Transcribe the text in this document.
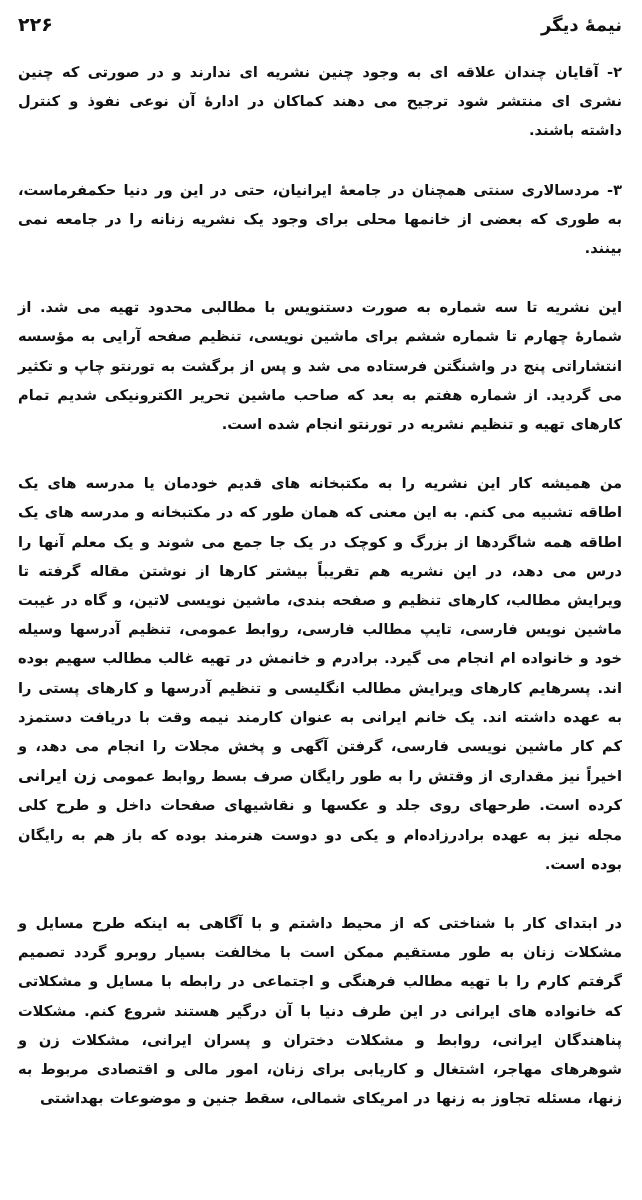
نیمهٔ دیگر
۲۲۶

۲- آقایان چندان علاقه ای به وجود چنین نشریه ای ندارند و در صورتی که چنین نشری ای منتشر شود ترجیح می دهند کماکان در ادارهٔ آن نوعی نفوذ و کنترل داشته باشند.

۳- مردسالاری سنتی همچنان در جامعهٔ ایرانیان، حتی در این ور دنیا حکمفرماست، به طوری که بعضی از خانمها محلی برای وجود یک نشریه زنانه را در جامعه نمی بینند.

این نشریه تا سه شماره به صورت دستنویس با مطالبی محدود تهیه می شد. از شمارهٔ چهارم تا شماره ششم برای ماشین نویسی، تنظیم صفحه آرایی به مؤسسه انتشاراتی پنج در واشنگتن فرستاده می شد و پس از برگشت به تورنتو چاپ و تکثیر می گردید. از شماره هفتم به بعد که صاحب ماشین تحریر الکترونیکی شدیم تمام کارهای تهیه و تنظیم نشریه در تورنتو انجام شده است.

من همیشه کار این نشریه را به مکتبخانه های قدیم خودمان یا مدرسه های یک اطاقه تشبیه می کنم. به این معنی که همان طور که در مکتبخانه و مدرسه های یک اطاقه همه شاگردها از بزرگ و کوچک در یک جا جمع می شوند و یک معلم آنها را درس می دهد، در این نشریه هم تقریباً بیشتر کارها از نوشتن مقاله گرفته تا ویرایش مطالب، کارهای تنظیم و صفحه بندی، ماشین نویسی لاتین، و گاه در غیبت ماشین نویس فارسی، تایپ مطالب فارسی، روابط عمومی، تنظیم آدرسها وسیله خود و خانواده ام انجام می گیرد. برادرم و خانمش در تهیه غالب مطالب سهیم بوده اند. پسرهایم کارهای ویرایش مطالب انگلیسی و تنظیم آدرسها و کارهای پستی را به عهده داشته اند. یک خانم ایرانی به عنوان کارمند نیمه وقت با دریافت دستمزد کم کار ماشین نویسی فارسی، گرفتن آگهی و پخش مجلات را انجام می دهد، و اخیراً نیز مقداری از وقتش را به طور رایگان صرف بسط روابط عمومی زن ایرانی کرده است. طرحهای روی جلد و عکسها و نقاشیهای صفحات داخل و طرح کلی مجله نیز به عهده برادرزاده‌ام و یکی دو دوست هنرمند بوده که باز هم به رایگان بوده است.

در ابتدای کار با شناختی که از محیط داشتم و با آگاهی به اینکه طرح مسایل و مشکلات زنان به طور مستقیم ممکن است با مخالفت بسیار روبرو گردد تصمیم گرفتم کارم را با تهیه مطالب فرهنگی و اجتماعی در رابطه با مسایل و مشکلاتی که خانواده های ایرانی در این طرف دنیا با آن درگیر هستند شروع کنم. مشکلات پناهندگان ایرانی، روابط و مشکلات دختران و پسران ایرانی، مشکلات زن و شوهرهای مهاجر، اشتغال و کاریابی برای زنان، امور مالی و اقتصادی مربوط به زنها، مسئله تجاوز به زنها در امریکای شمالی، سقط جنین و موضوعات بهداشتی
